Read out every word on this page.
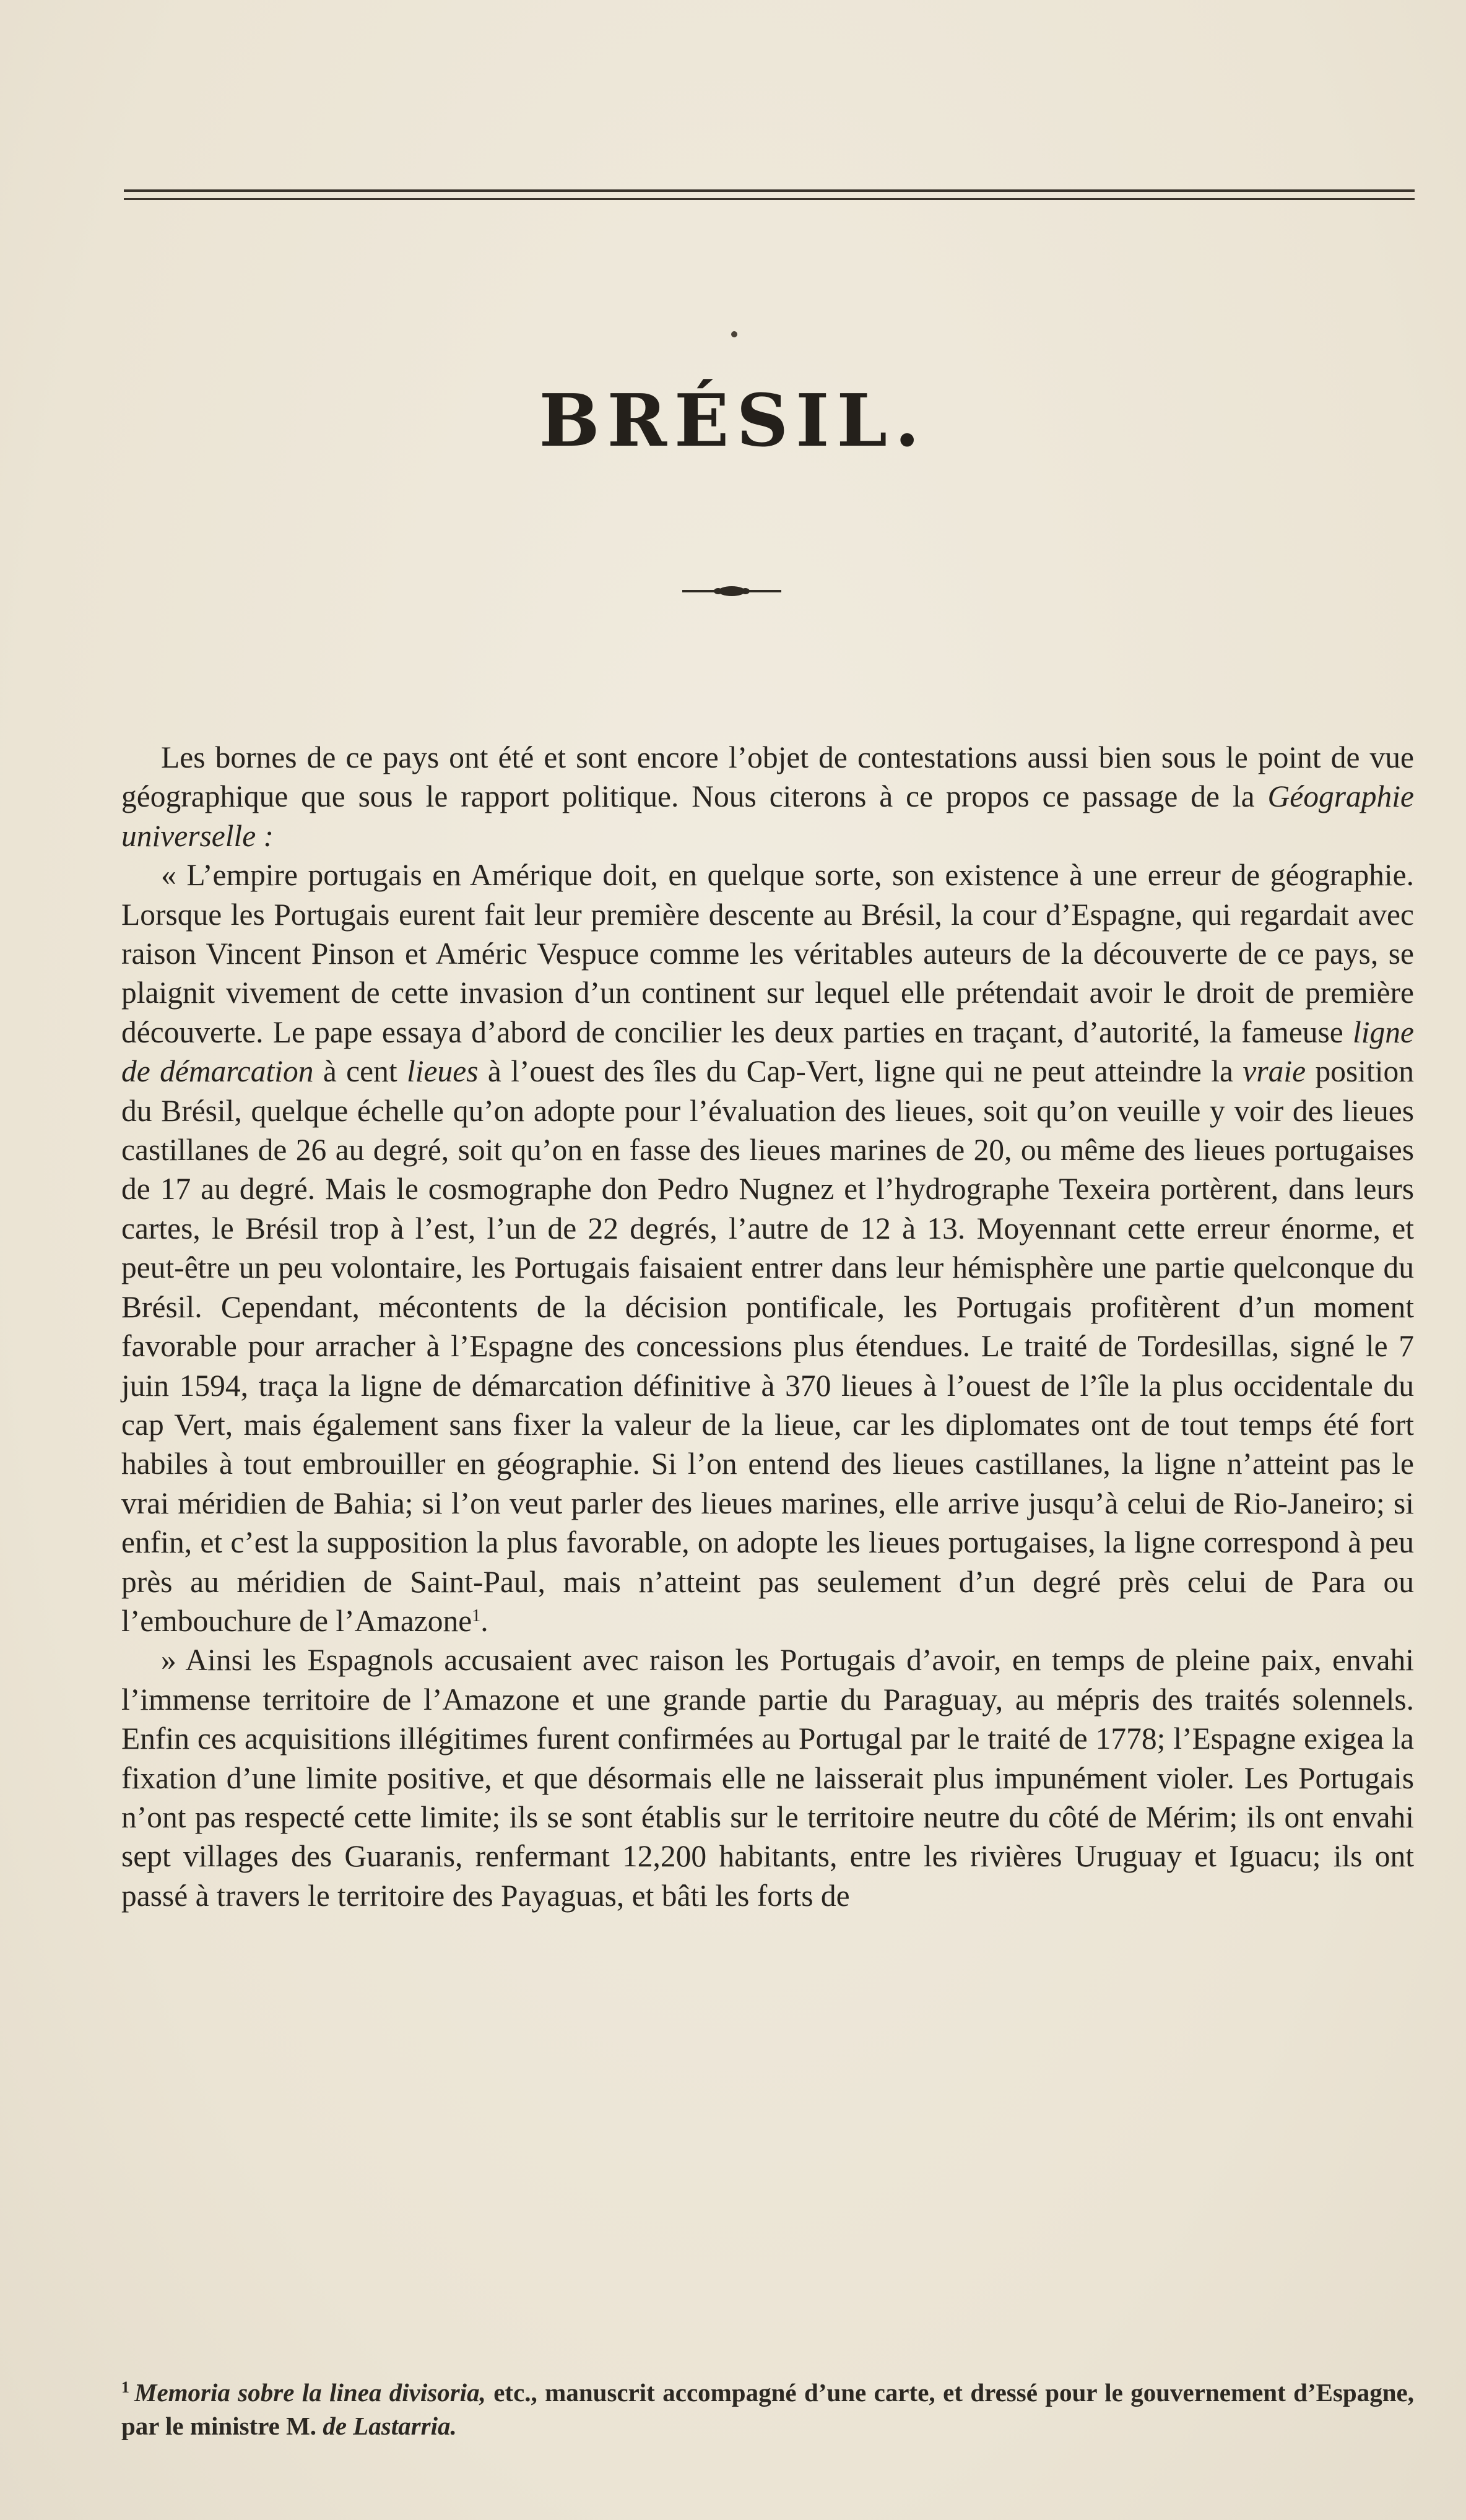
BRÉSIL.

Les bornes de ce pays ont été et sont encore l’objet de contestations aussi bien sous le point de vue géographique que sous le rapport politique. Nous citerons à ce propos ce passage de la Géographie universelle :

« L’empire portugais en Amérique doit, en quelque sorte, son existence à une erreur de géographie. Lorsque les Portugais eurent fait leur première descente au Brésil, la cour d’Espagne, qui regardait avec raison Vincent Pinson et Améric Vespuce comme les véritables auteurs de la découverte de ce pays, se plaignit vivement de cette invasion d’un continent sur lequel elle prétendait avoir le droit de première découverte. Le pape essaya d’abord de concilier les deux parties en traçant, d’autorité, la fameuse ligne de démarcation à cent lieues à l’ouest des îles du Cap-Vert, ligne qui ne peut atteindre la vraie position du Brésil, quelque échelle qu’on adopte pour l’évaluation des lieues, soit qu’on veuille y voir des lieues castillanes de 26 au degré, soit qu’on en fasse des lieues marines de 20, ou même des lieues portugaises de 17 au degré. Mais le cosmographe don Pedro Nugnez et l’hydrographe Texeira portèrent, dans leurs cartes, le Brésil trop à l’est, l’un de 22 degrés, l’autre de 12 à 13. Moyennant cette erreur énorme, et peut-être un peu volontaire, les Portugais faisaient entrer dans leur hémisphère une partie quelconque du Brésil. Cependant, mécontents de la décision pontificale, les Portugais profitèrent d’un moment favorable pour arracher à l’Espagne des concessions plus étendues. Le traité de Tordesillas, signé le 7 juin 1594, traça la ligne de démarcation définitive à 370 lieues à l’ouest de l’île la plus occidentale du cap Vert, mais également sans fixer la valeur de la lieue, car les diplomates ont de tout temps été fort habiles à tout embrouiller en géographie. Si l’on entend des lieues castillanes, la ligne n’atteint pas le vrai méridien de Bahia; si l’on veut parler des lieues marines, elle arrive jusqu’à celui de Rio-Janeiro; si enfin, et c’est la supposition la plus favorable, on adopte les lieues portugaises, la ligne correspond à peu près au méridien de Saint-Paul, mais n’atteint pas seulement d’un degré près celui de Para ou l’embouchure de l’Amazone$^1$.

» Ainsi les Espagnols accusaient avec raison les Portugais d’avoir, en temps de pleine paix, envahi l’immense territoire de l’Amazone et une grande partie du Paraguay, au mépris des traités solennels. Enfin ces acquisitions illégitimes furent confirmées au Portugal par le traité de 1778; l’Espagne exigea la fixation d’une limite positive, et que désormais elle ne laisserait plus impunément violer. Les Portugais n’ont pas respecté cette limite; ils se sont établis sur le territoire neutre du côté de Mérim; ils ont envahi sept villages des Guaranis, renfermant 12,200 habitants, entre les rivières Uruguay et Iguacu; ils ont passé à travers le territoire des Payaguas, et bâti les forts de

$^1$ Memoria sobre la linea divisoria, etc., manuscrit accompagné d’une carte, et dressé pour le gouvernement d’Espagne, par le ministre M. de Lastarria.
